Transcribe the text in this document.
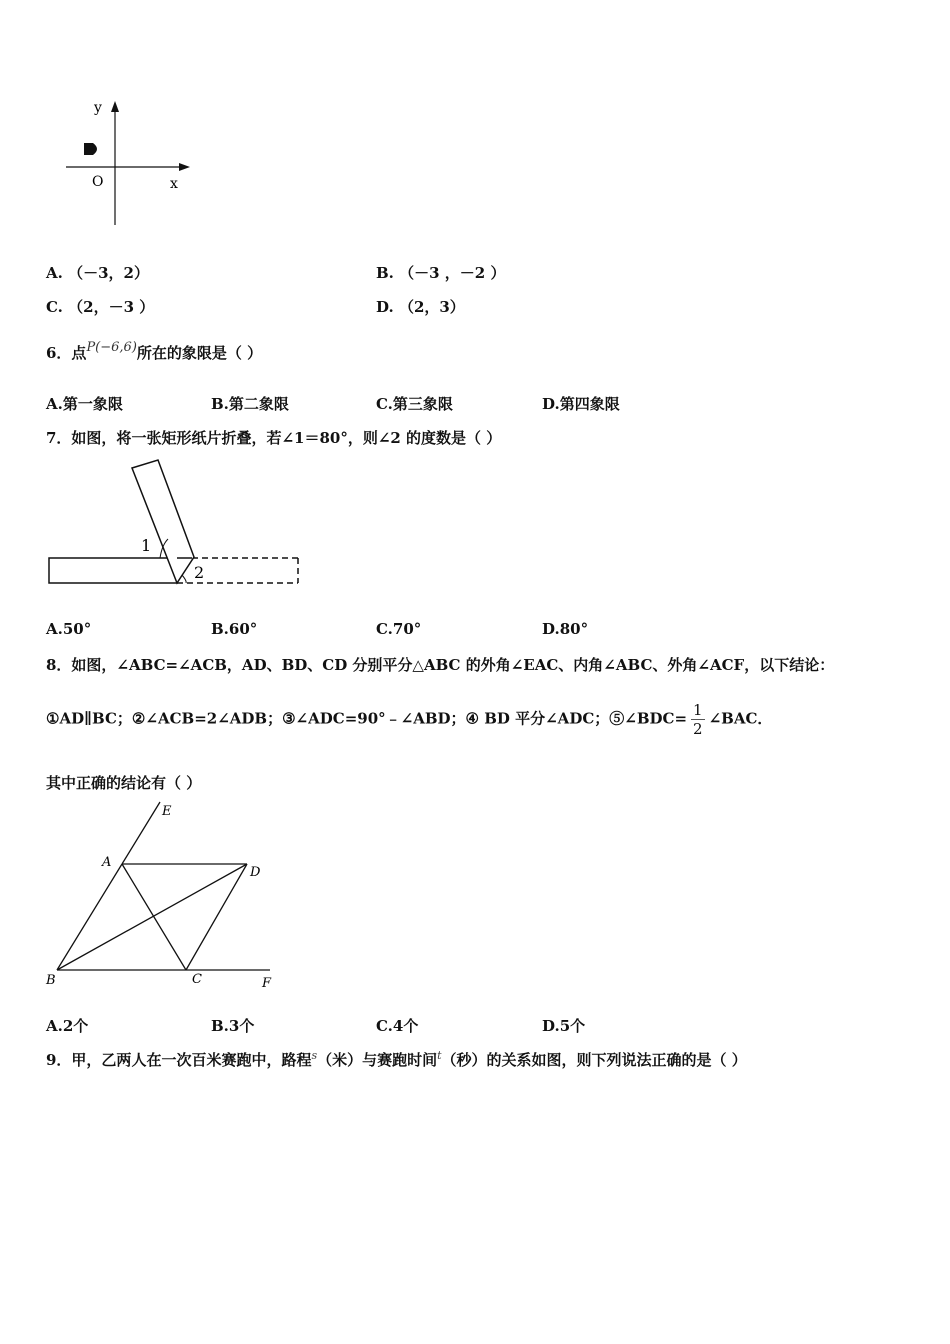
y
O	x
A. （－3，2）	B. （－3 ，－2 ）
C. （2，－3 ）	D. （2，3）
6．点P(−6,6)所在的象限是（ ）
A.第一象限	B.第二象限	C.第三象限	D.第四象限
7．如图，将一张矩形纸片折叠，若∠1＝80°，则∠2 的度数是（ ）
1
2
A.50°	B.60°	C.70°	D.80°
8．如图，∠ABC=∠ACB，AD、BD、CD 分别平分△ABC 的外角∠EAC、内角∠ABC、外角∠ACF，以下结论：
①AD∥BC；②∠ACB=2∠ADB；③∠ADC=90°﹣∠ABD；④ BD 平分∠ADC；⑤∠BDC= $\frac{1}{2}$ ∠BAC．
其中正确的结论有（ ）
E
A
D
B	C	F
A.2个	B.3个	C.4个	D.5个
9．甲，乙两人在一次百米赛跑中，路程$^s$（米）与赛跑时间$^t$（秒）的关系如图，则下列说法正确的是（ ）
